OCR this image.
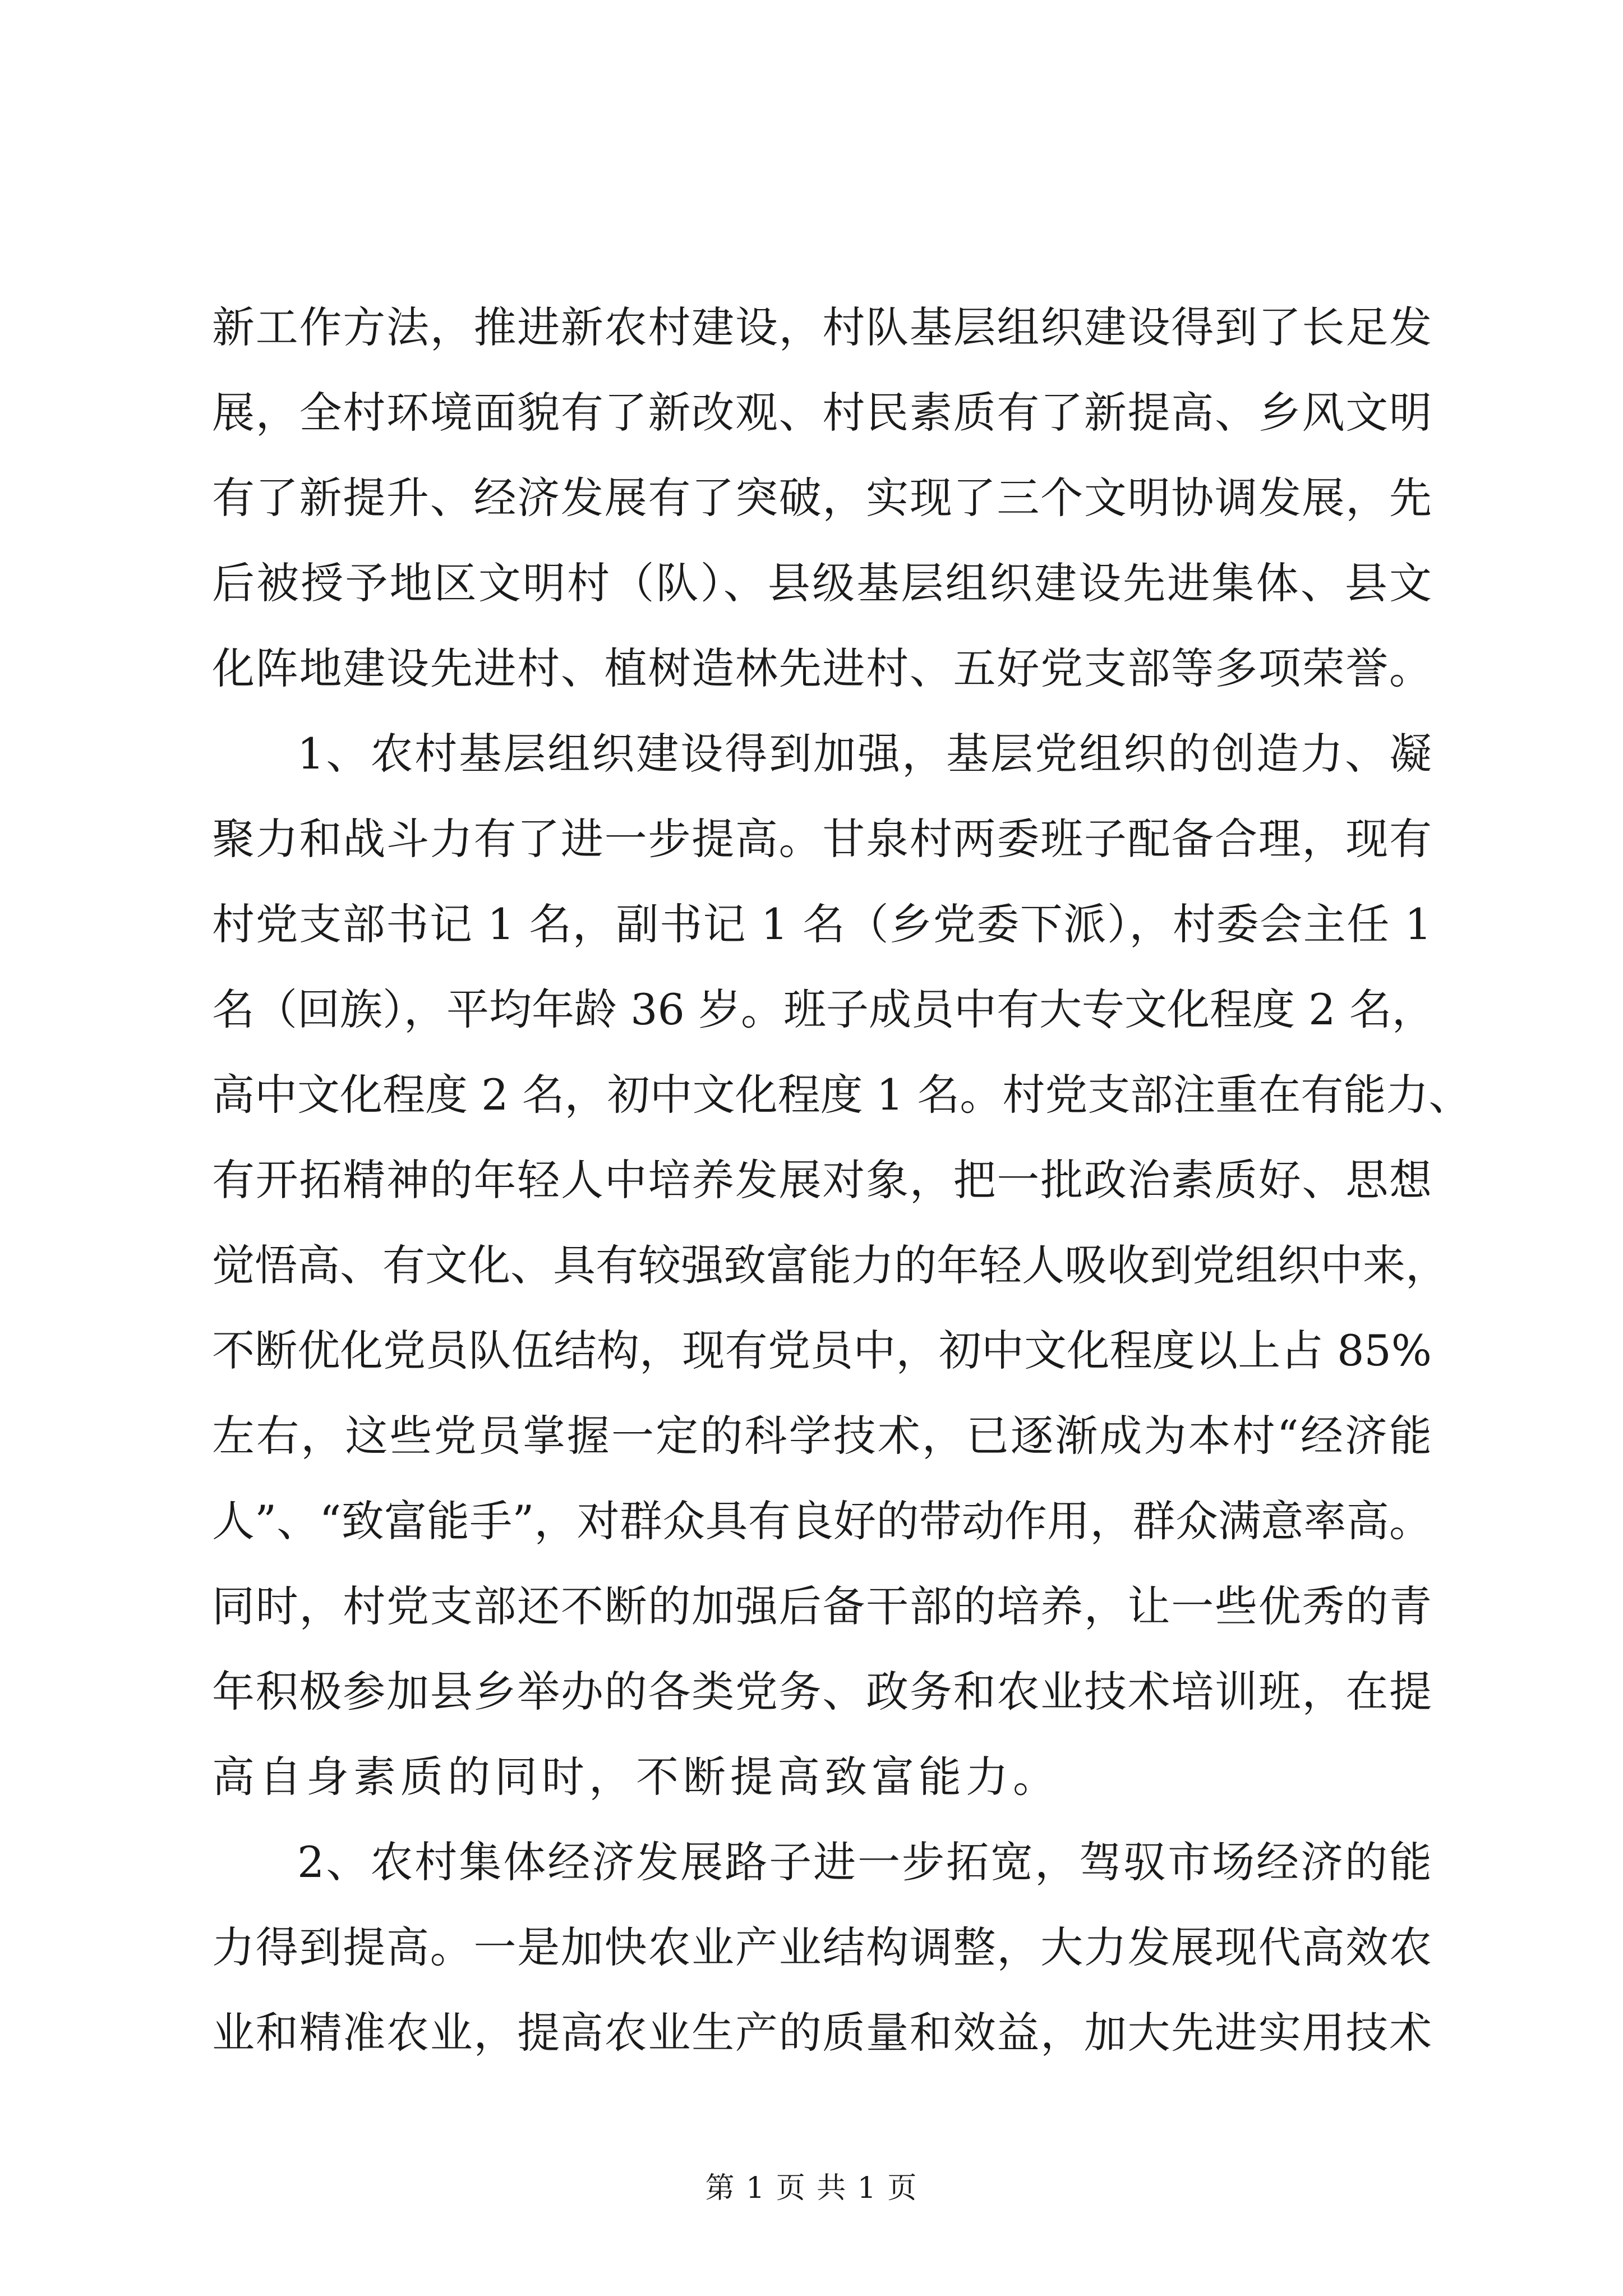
新工作方法，推进新农村建设，村队基层组织建设得到了长足发
展，全村环境面貌有了新改观、村民素质有了新提高、乡风文明
有了新提升、经济发展有了突破，实现了三个文明协调发展，先
后被授予地区文明村（队）、县级基层组织建设先进集体、县文
化阵地建设先进村、植树造林先进村、五好党支部等多项荣誉。
1、农村基层组织建设得到加强，基层党组织的创造力、凝
聚力和战斗力有了进一步提高。甘泉村两委班子配备合理，现有
村党支部书记 1 名，副书记 1 名（乡党委下派），村委会主任 1
名（回族），平均年龄 36 岁。班子成员中有大专文化程度 2 名，
高中文化程度 2 名，初中文化程度 1 名。村党支部注重在有能力、
有开拓精神的年轻人中培养发展对象，把一批政治素质好、思想
觉悟高、有文化、具有较强致富能力的年轻人吸收到党组织中来，
不断优化党员队伍结构，现有党员中，初中文化程度以上占 85%
左右，这些党员掌握一定的科学技术，已逐渐成为本村“经济能
人”、“致富能手”，对群众具有良好的带动作用，群众满意率高。
同时，村党支部还不断的加强后备干部的培养，让一些优秀的青
年积极参加县乡举办的各类党务、政务和农业技术培训班，在提
高自身素质的同时，不断提高致富能力。
2、农村集体经济发展路子进一步拓宽，驾驭市场经济的能
力得到提高。一是加快农业产业结构调整，大力发展现代高效农
业和精准农业，提高农业生产的质量和效益，加大先进实用技术
第 1 页 共 1 页
